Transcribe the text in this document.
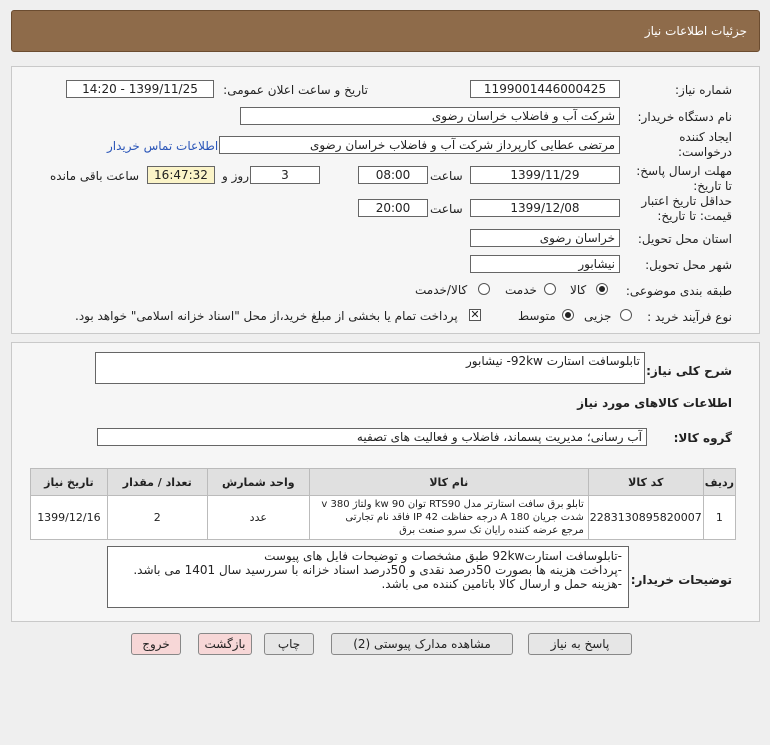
جزئیات اطلاعات نیاز
شماره نیاز:
1199001446000425
تاریخ و ساعت اعلان عمومی:
1399/11/25 - 14:20
نام دستگاه خریدار:
شرکت آب و فاضلاب خراسان رضوی
ایجاد کننده
درخواست:
مرتضی عطایی کارپرداز شرکت آب و فاضلاب خراسان رضوی
اطلاعات تماس خریدار
مهلت ارسال پاسخ:
تا تاریخ:
1399/11/29
ساعت
08:00
3
روز و
16:47:32
ساعت باقی مانده
حداقل تاریخ اعتبار
قیمت: تا تاریخ:
1399/12/08
ساعت
20:00
استان محل تحویل:
خراسان رضوی
شهر محل تحویل:
نیشابور
طبقه بندی موضوعی:
کالا
خدمت
کالا/خدمت
نوع فرآیند خرید :
جزیی
متوسط
✕
پرداخت تمام یا بخشی از مبلغ خرید،از محل "اسناد خزانه اسلامی" خواهد بود.
شرح کلی نیاز:
تابلوسافت استارت 92kw- نیشابور
اطلاعات کالاهای مورد نیاز
گروه کالا:
آب رسانی؛ مدیریت پسماند، فاضلاب و فعالیت های تصفیه
ردیف	کد کالا	نام کالا	واحد شمارش	تعداد / مقدار	تاریخ نیاز
1	2283130895820007	تابلو برق سافت استارتر مدل RTS90 توان 90 kw ولتاژ 380 v
شدت جریان 180 A درجه حفاظت IP 42 فاقد نام تجارتی
مرجع عرضه کننده رایان تک سرو صنعت برق	عدد	2	1399/12/16
توضیحات خریدار:
-تابلوسافت استارت92kw طبق مشخصات و توضیحات فایل های پیوست
-پرداخت هزینه ها بصورت 50درصد نقدی و 50درصد اسناد خزانه با سررسید سال 1401 می باشد.
-هزینه حمل و ارسال کالا باتامین کننده می باشد.
پاسخ به نیاز
مشاهده مدارک پیوستی (2)
چاپ
بازگشت
خروج
